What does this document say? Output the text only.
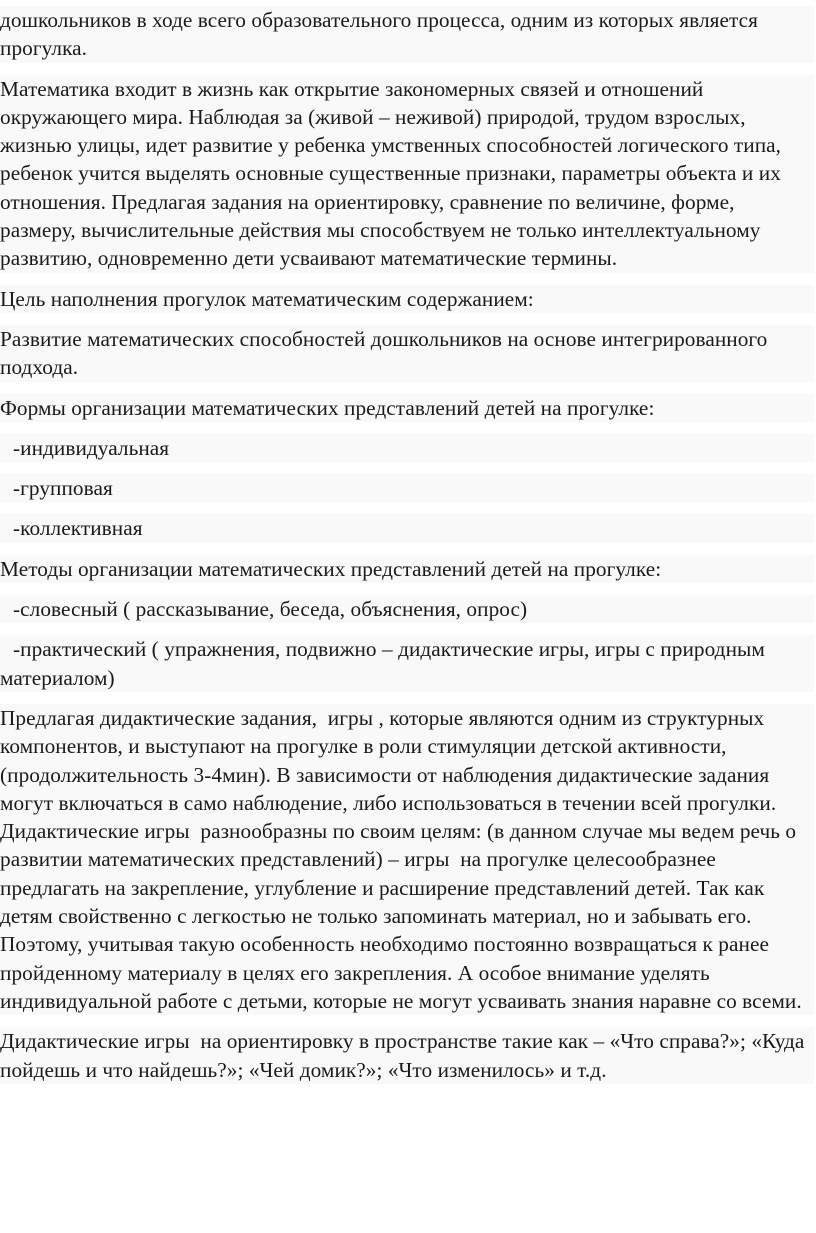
дошкольников в ходе всего образовательного процесса, одним из которых является прогулка.

Математика входит в жизнь как открытие закономерных связей и отношений окружающего мира. Наблюдая за (живой – неживой) природой, трудом взрослых, жизнью улицы, идет развитие у ребенка умственных способностей логического типа, ребенок учится выделять основные существенные признаки, параметры объекта и их отношения. Предлагая задания на ориентировку, сравнение по величине, форме, размеру, вычислительные действия мы способствуем не только интеллектуальному развитию, одновременно дети усваивают математические термины.

Цель наполнения прогулок математическим содержанием:

Развитие математических способностей дошкольников на основе интегрированного подхода.

Формы организации математических представлений детей на прогулке:

-индивидуальная

-групповая

-коллективная

Методы организации математических представлений детей на прогулке:

-словесный ( рассказывание, беседа, объяснения, опрос)

-практический ( упражнения, подвижно – дидактические игры, игры с природным материалом)

Предлагая дидактические задания,  игры , которые являются одним из структурных компонентов, и выступают на прогулке в роли стимуляции детской активности, (продолжительность 3-4мин). В зависимости от наблюдения дидактические задания могут включаться в само наблюдение, либо использоваться в течении всей прогулки. Дидактические игры  разнообразны по своим целям: (в данном случае мы ведем речь о развитии математических представлений) – игры  на прогулке целесообразнее предлагать на закрепление, углубление и расширение представлений детей. Так как детям свойственно с легкостью не только запоминать материал, но и забывать его. Поэтому, учитывая такую особенность необходимо постоянно возвращаться к ранее пройденному материалу в целях его закрепления. А особое внимание уделять индивидуальной работе с детьми, которые не могут усваивать знания наравне со всеми.

Дидактические игры  на ориентировку в пространстве такие как – «Что справа?»; «Куда пойдешь и что найдешь?»; «Чей домик?»; «Что изменилось» и т.д.
